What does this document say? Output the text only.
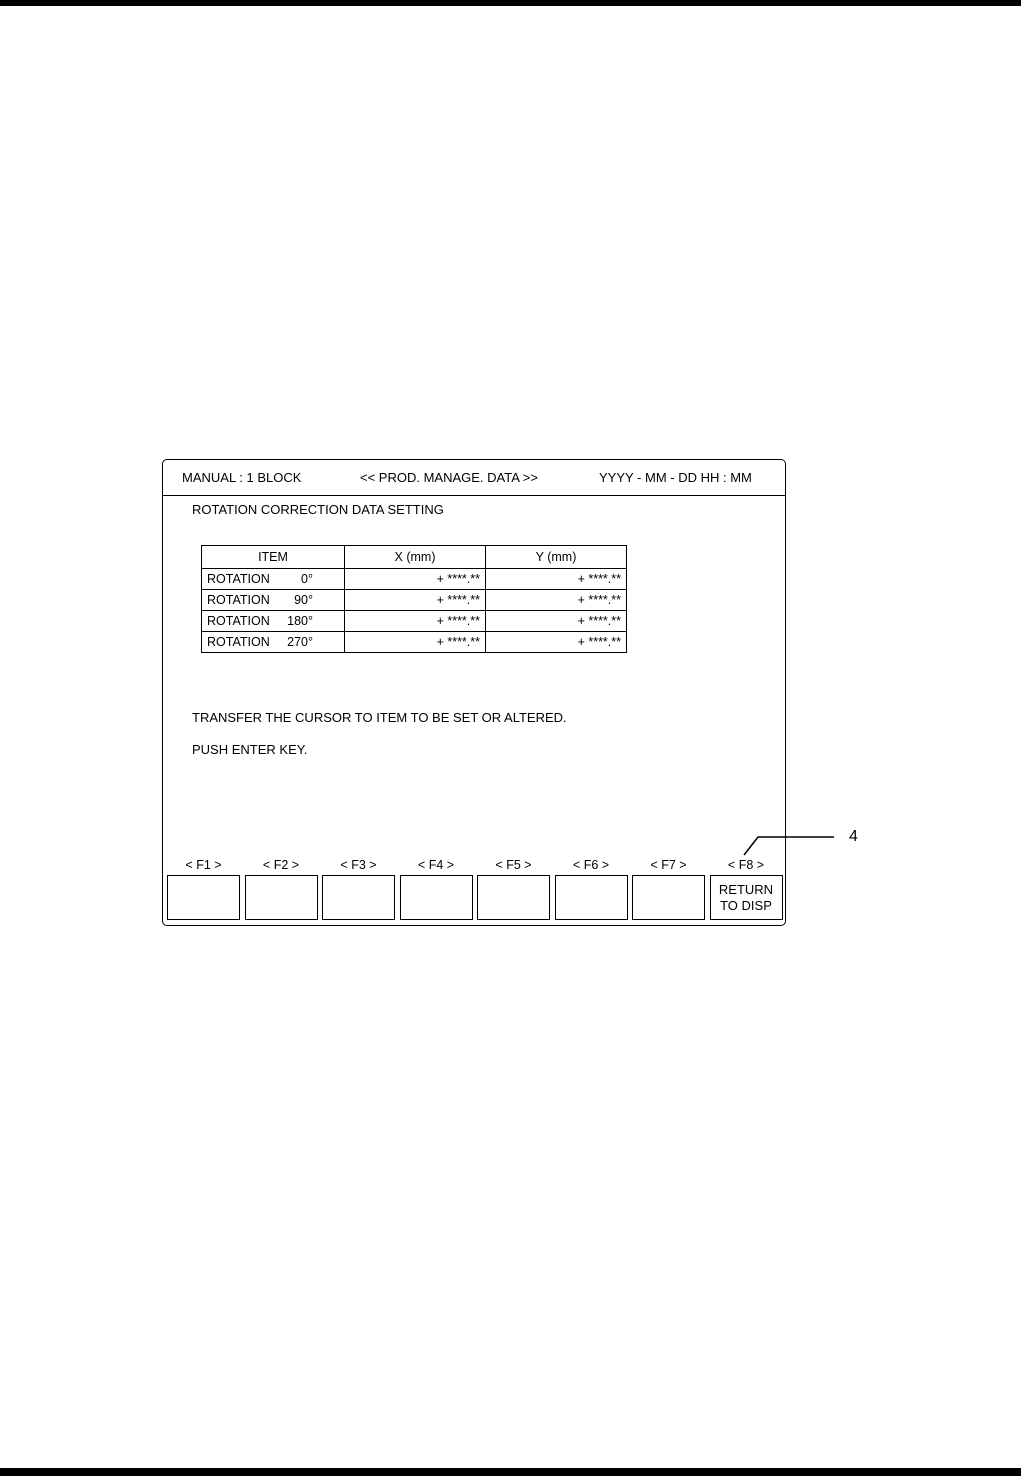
MANUAL : 1 BLOCK	<< PROD. MANAGE. DATA >>	YYYY - MM - DD HH : MM
ROTATION CORRECTION DATA SETTING
ITEM	X (mm)	Y (mm)
ROTATION 0°	+ ****.**	+ ****.**
ROTATION 90°	+ ****.**	+ ****.**
ROTATION 180°	+ ****.**	+ ****.**
ROTATION 270°	+ ****.**	+ ****.**
TRANSFER THE CURSOR TO ITEM TO BE SET OR ALTERED.
PUSH ENTER KEY.
< F1 >	< F2 >	< F3 >	< F4 >	< F5 >	< F6 >	< F7 >	< F8 >
RETURN
TO DISP
4
